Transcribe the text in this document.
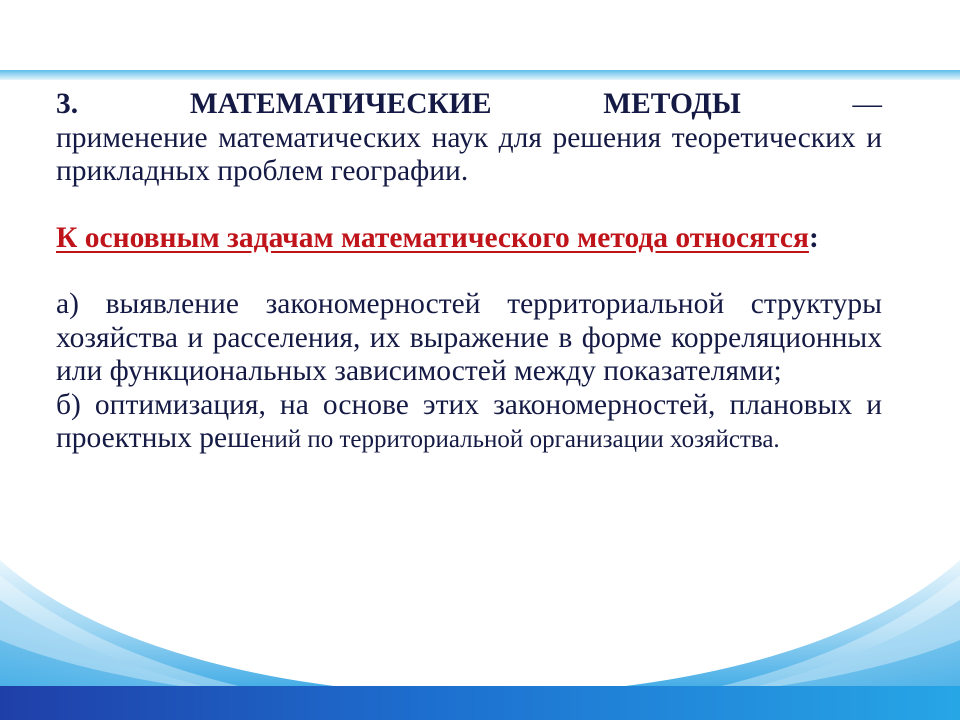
3.	МАТЕМАТИЧЕСКИЕ	МЕТОДЫ	—

применение математических наук для решения теоретических и прикладных проблем географии.

К основным задачам математического метода относятся:

а) выявление закономерностей территориальной структуры хозяйства и расселения, их выражение в форме корреляционных или функциональных зависимостей между показателями;

б) оптимизация, на основе этих закономерностей, плановых и проектных решений по территориальной организации хозяйства.
